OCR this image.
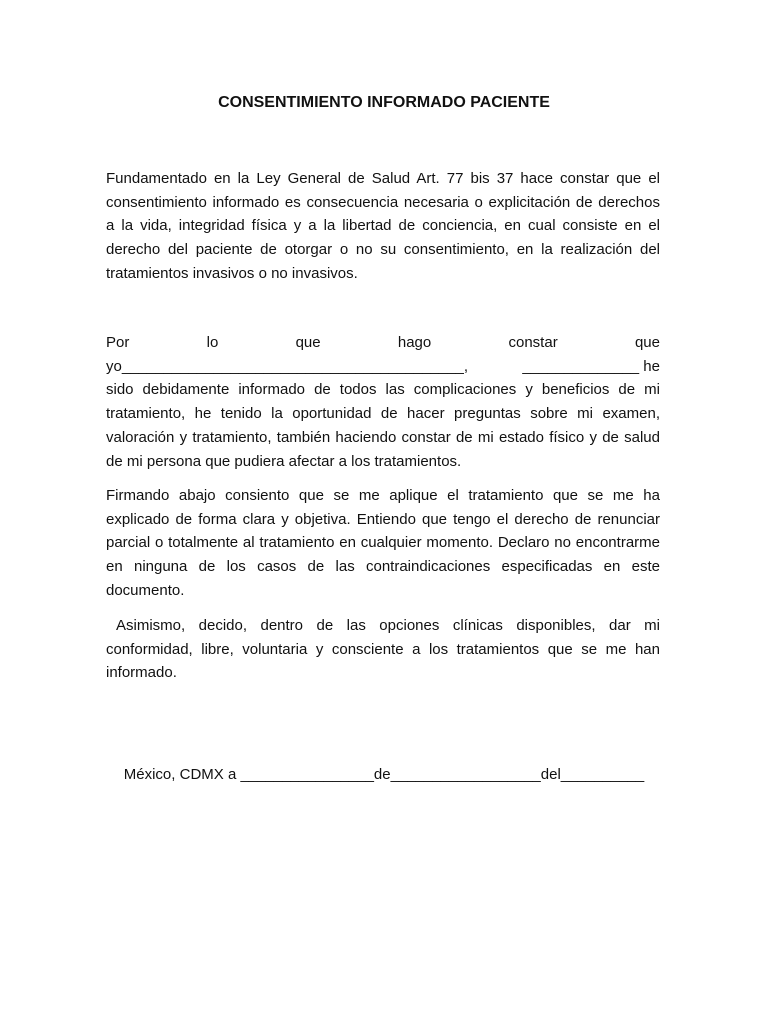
CONSENTIMIENTO INFORMADO PACIENTE

Fundamentado en la Ley General de Salud Art. 77 bis 37 hace constar que el consentimiento informado es consecuencia necesaria o explicitación de derechos a la vida, integridad física y a la libertad de conciencia, en cual consiste en el derecho del paciente de otorgar o no su consentimiento, en la realización del tratamientos invasivos o no invasivos.

Por	lo	que	hago	constar	que
yo_________________________________________,	______________ he
sido debidamente informado de todos las complicaciones y beneficios de mi tratamiento, he tenido la oportunidad de hacer preguntas sobre mi examen, valoración y tratamiento, también haciendo constar de mi estado físico y de salud de mi persona que pudiera afectar a los tratamientos.

Firmando abajo consiento que se me aplique el tratamiento que se me ha explicado de forma clara y objetiva. Entiendo que tengo el derecho de renunciar parcial o totalmente al tratamiento en cualquier momento. Declaro no encontrarme en ninguna de los casos de las contraindicaciones especificadas en este documento.

Asimismo, decido, dentro de las opciones clínicas disponibles, dar mi conformidad, libre, voluntaria y consciente a los tratamientos que se me han informado.

México, CDMX a ________________de__________________del__________
